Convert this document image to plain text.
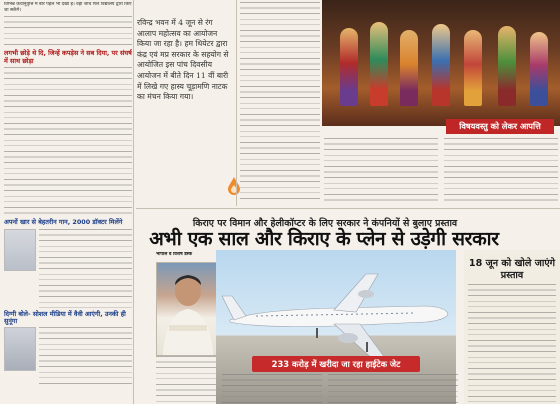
विभिन्न कथानुवृत्ति में बीरे पहले भी देखा है। वहाँ जांच फिर विद्यालय द्वारा किए जा सकेंगे।

लगभी छोड़े थे दि, जिन्हें कपड़ेस ने सब दिया, पर संघर्ष में साथ छोड़ा
अपनों खार से बेहतरीन गान, 2000 डॉक्टर मिलेंगे
दिग्गी बोले- सोशल मीडिया में वैवी आएंगी, उनकी ही सुनूंगा
रविन्द्र भवन में 4 जून से रंग आलाप महोत्सव का आयोजन किया जा रहा है। हम थियेटर द्वारा कंद्र एवं मप्र सरकार के सहयोग से आयोजित इस पांच दिवसीय आयोजन में बीते दिन 11 वीं बारी में लिखे गए हास्य चूड़ामणि नाटक का मंचन किया गया।
विषयवस्तु को लेकर आपत्ति
किराए पर विमान और हेलीकॉप्टर के लिए सरकार ने कंपनियों से बुलाए प्रस्ताव
अभी एक साल और किराए के प्लेन से उड़ेगी सरकार
भोपाल व विशेष डेस्क
233 करोड़ में खरीदा जा रहा हाईटेक जेट
18 जून को खोले जाएंगे प्रस्ताव
